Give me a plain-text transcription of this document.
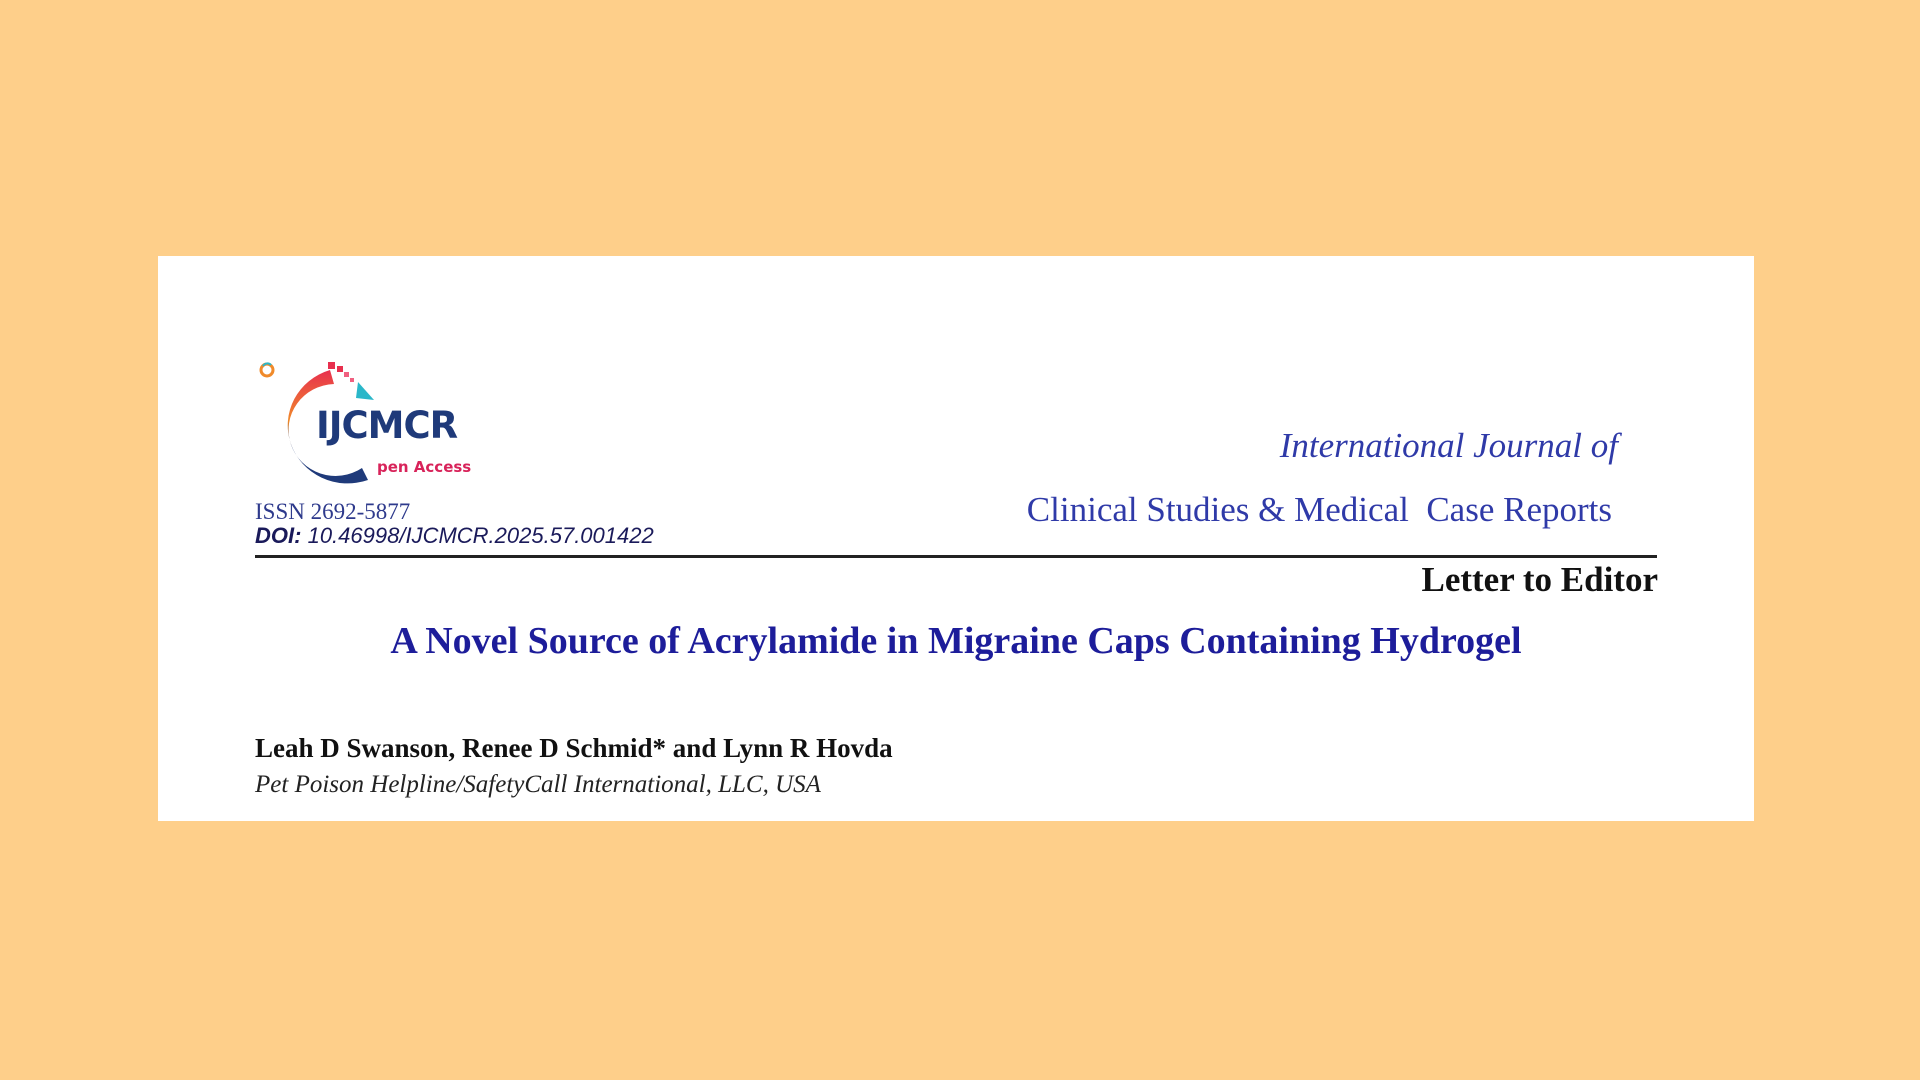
IJCMCR
pen Access
ISSN 2692-5877
DOI: 10.46998/IJCMCR.2025.57.001422
International Journal of
Clinical Studies & Medical  Case Reports
Letter to Editor
A Novel Source of Acrylamide in Migraine Caps Containing Hydrogel
Leah D Swanson, Renee D Schmid* and Lynn R Hovda
Pet Poison Helpline/SafetyCall International, LLC, USA
